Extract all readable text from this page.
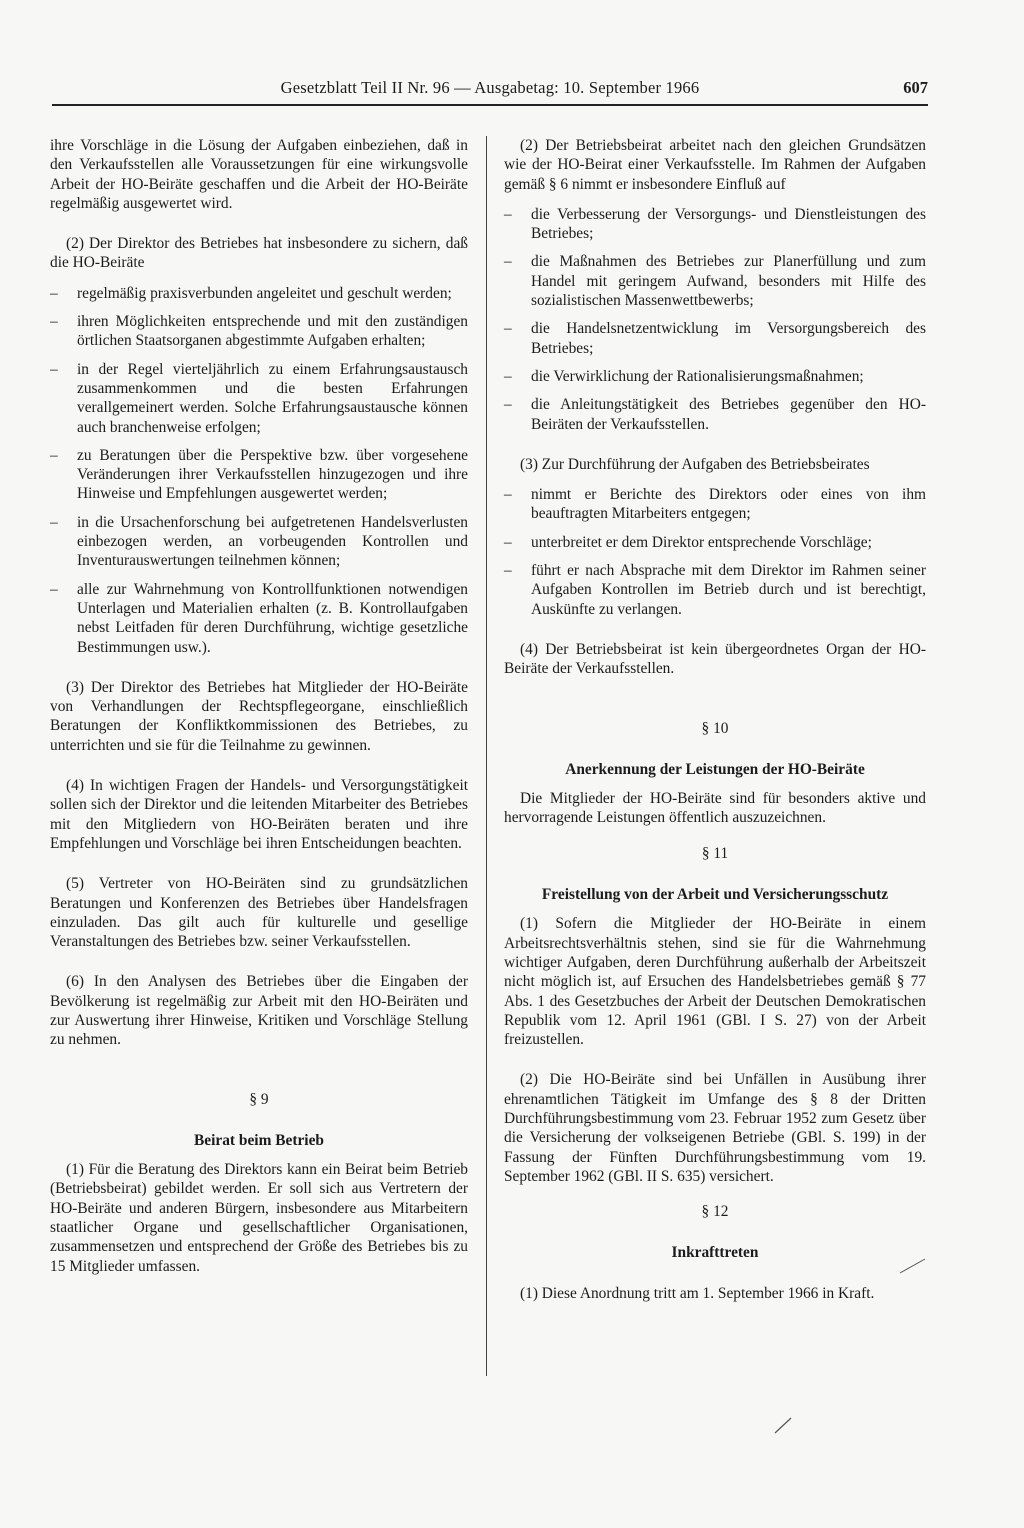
Gesetzblatt Teil II Nr. 96 — Ausgabetag: 10. September 1966	607

ihre Vorschläge in die Lösung der Aufgaben einbeziehen, daß in den Verkaufsstellen alle Voraussetzungen für eine wirkungsvolle Arbeit der HO-Beiräte geschaffen und die Arbeit der HO-Beiräte regelmäßig ausgewertet wird.

(2) Der Direktor des Betriebes hat insbesondere zu sichern, daß die HO-Beiräte

– regelmäßig praxisverbunden angeleitet und geschult werden;
– ihren Möglichkeiten entsprechende und mit den zuständigen örtlichen Staatsorganen abgestimmte Aufgaben erhalten;
– in der Regel vierteljährlich zu einem Erfahrungsaustausch zusammenkommen und die besten Erfahrungen verallgemeinert werden. Solche Erfahrungsaustausche können auch branchenweise erfolgen;
– zu Beratungen über die Perspektive bzw. über vorgesehene Veränderungen ihrer Verkaufsstellen hinzugezogen und ihre Hinweise und Empfehlungen ausgewertet werden;
– in die Ursachenforschung bei aufgetretenen Handelsverlusten einbezogen werden, an vorbeugenden Kontrollen und Inventurauswertungen teilnehmen können;
– alle zur Wahrnehmung von Kontrollfunktionen notwendigen Unterlagen und Materialien erhalten (z. B. Kontrollaufgaben nebst Leitfaden für deren Durchführung, wichtige gesetzliche Bestimmungen usw.).

(3) Der Direktor des Betriebes hat Mitglieder der HO-Beiräte von Verhandlungen der Rechtspflegeorgane, einschließlich Beratungen der Konfliktkommissionen des Betriebes, zu unterrichten und sie für die Teilnahme zu gewinnen.

(4) In wichtigen Fragen der Handels- und Versorgungstätigkeit sollen sich der Direktor und die leitenden Mitarbeiter des Betriebes mit den Mitgliedern von HO-Beiräten beraten und ihre Empfehlungen und Vorschläge bei ihren Entscheidungen beachten.

(5) Vertreter von HO-Beiräten sind zu grundsätzlichen Beratungen und Konferenzen des Betriebes über Handelsfragen einzuladen. Das gilt auch für kulturelle und gesellige Veranstaltungen des Betriebes bzw. seiner Verkaufsstellen.

(6) In den Analysen des Betriebes über die Eingaben der Bevölkerung ist regelmäßig zur Arbeit mit den HO-Beiräten und zur Auswertung ihrer Hinweise, Kritiken und Vorschläge Stellung zu nehmen.

§ 9

Beirat beim Betrieb

(1) Für die Beratung des Direktors kann ein Beirat beim Betrieb (Betriebsbeirat) gebildet werden. Er soll sich aus Vertretern der HO-Beiräte und anderen Bürgern, insbesondere aus Mitarbeitern staatlicher Organe und gesellschaftlicher Organisationen, zusammensetzen und entsprechend der Größe des Betriebes bis zu 15 Mitglieder umfassen.

(2) Der Betriebsbeirat arbeitet nach den gleichen Grundsätzen wie der HO-Beirat einer Verkaufsstelle. Im Rahmen der Aufgaben gemäß § 6 nimmt er insbesondere Einfluß auf

– die Verbesserung der Versorgungs- und Dienstleistungen des Betriebes;
– die Maßnahmen des Betriebes zur Planerfüllung und zum Handel mit geringem Aufwand, besonders mit Hilfe des sozialistischen Massenwettbewerbs;
– die Handelsnetzentwicklung im Versorgungsbereich des Betriebes;
– die Verwirklichung der Rationalisierungsmaßnahmen;
– die Anleitungstätigkeit des Betriebes gegenüber den HO-Beiräten der Verkaufsstellen.

(3) Zur Durchführung der Aufgaben des Betriebsbeirates

– nimmt er Berichte des Direktors oder eines von ihm beauftragten Mitarbeiters entgegen;
– unterbreitet er dem Direktor entsprechende Vorschläge;
– führt er nach Absprache mit dem Direktor im Rahmen seiner Aufgaben Kontrollen im Betrieb durch und ist berechtigt, Auskünfte zu verlangen.

(4) Der Betriebsbeirat ist kein übergeordnetes Organ der HO-Beiräte der Verkaufsstellen.

§ 10

Anerkennung der Leistungen der HO-Beiräte

Die Mitglieder der HO-Beiräte sind für besonders aktive und hervorragende Leistungen öffentlich auszuzeichnen.

§ 11

Freistellung von der Arbeit und Versicherungsschutz

(1) Sofern die Mitglieder der HO-Beiräte in einem Arbeitsrechtsverhältnis stehen, sind sie für die Wahrnehmung wichtiger Aufgaben, deren Durchführung außerhalb der Arbeitszeit nicht möglich ist, auf Ersuchen des Handelsbetriebes gemäß § 77 Abs. 1 des Gesetzbuches der Arbeit der Deutschen Demokratischen Republik vom 12. April 1961 (GBl. I S. 27) von der Arbeit freizustellen.

(2) Die HO-Beiräte sind bei Unfällen in Ausübung ihrer ehrenamtlichen Tätigkeit im Umfange des § 8 der Dritten Durchführungsbestimmung vom 23. Februar 1952 zum Gesetz über die Versicherung der volkseigenen Betriebe (GBl. S. 199) in der Fassung der Fünften Durchführungsbestimmung vom 19. September 1962 (GBl. II S. 635) versichert.

§ 12

Inkrafttreten

(1) Diese Anordnung tritt am 1. September 1966 in Kraft.
